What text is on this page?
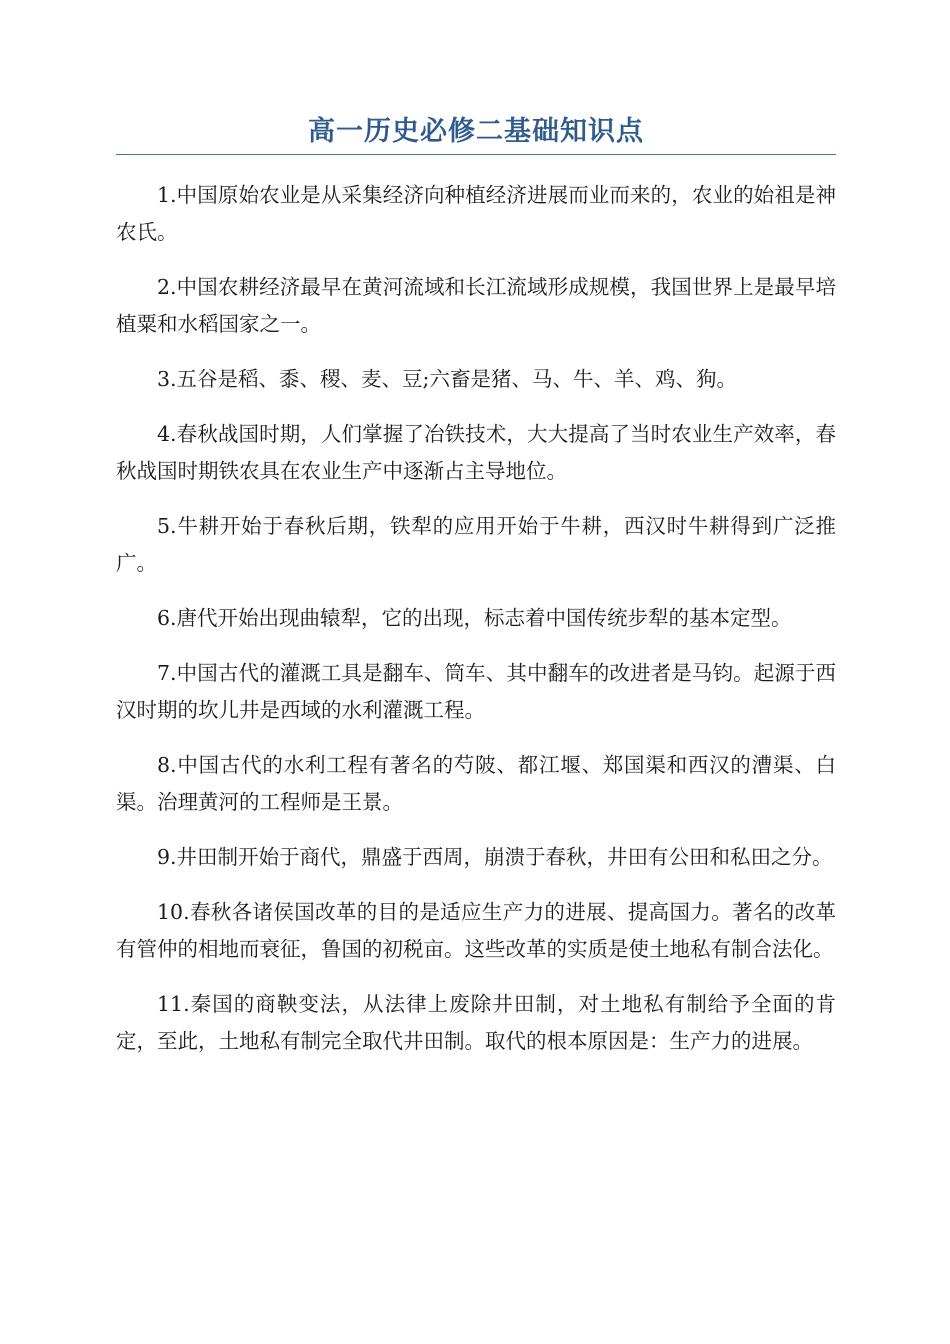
高一历史必修二基础知识点

1.中国原始农业是从采集经济向种植经济进展而业而来的，农业的始祖是神农氏。

2.中国农耕经济最早在黄河流域和长江流域形成规模，我国世界上是最早培植粟和水稻国家之一。

3.五谷是稻、黍、稷、麦、豆;六畜是猪、马、牛、羊、鸡、狗。

4.春秋战国时期，人们掌握了冶铁技术，大大提高了当时农业生产效率，春秋战国时期铁农具在农业生产中逐渐占主导地位。

5.牛耕开始于春秋后期，铁犁的应用开始于牛耕，西汉时牛耕得到广泛推广。

6.唐代开始出现曲辕犁，它的出现，标志着中国传统步犁的基本定型。

7.中国古代的灌溉工具是翻车、筒车、其中翻车的改进者是马钧。起源于西汉时期的坎儿井是西域的水利灌溉工程。

8.中国古代的水利工程有著名的芍陂、都江堰、郑国渠和西汉的漕渠、白渠。治理黄河的工程师是王景。

9.井田制开始于商代，鼎盛于西周，崩溃于春秋，井田有公田和私田之分。

10.春秋各诸侯国改革的目的是适应生产力的进展、提高国力。著名的改革有管仲的相地而衰征，鲁国的初税亩。这些改革的实质是使土地私有制合法化。

11.秦国的商鞅变法，从法律上废除井田制，对土地私有制给予全面的肯定，至此，土地私有制完全取代井田制。取代的根本原因是：生产力的进展。
